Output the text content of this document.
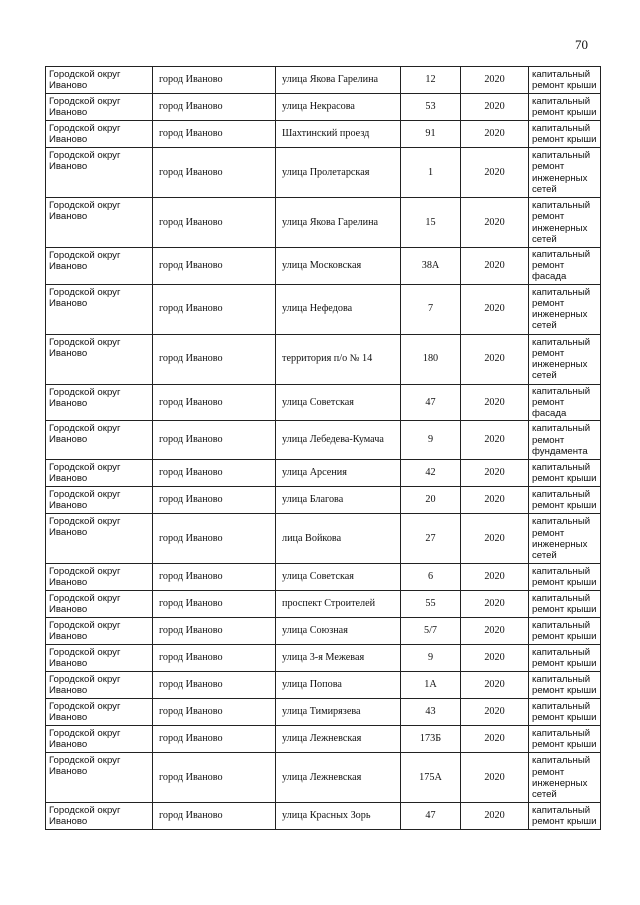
70
Городской округ Иваново	город Иваново	улица Якова Гарелина	12	2020	капитальный ремонт крыши
Городской округ Иваново	город Иваново	улица Некрасова	53	2020	капитальный ремонт крыши
Городской округ Иваново	город Иваново	Шахтинский проезд	91	2020	капитальный ремонт крыши
Городской округ Иваново	город Иваново	улица Пролетарская	1	2020	капитальный ремонт инженерных сетей
Городской округ Иваново	город Иваново	улица Якова Гарелина	15	2020	капитальный ремонт инженерных сетей
Городской округ Иваново	город Иваново	улица Московская	38А	2020	капитальный ремонт фасада
Городской округ Иваново	город Иваново	улица Нефедова	7	2020	капитальный ремонт инженерных сетей
Городской округ Иваново	город Иваново	территория п/о № 14	180	2020	капитальный ремонт инженерных сетей
Городской округ Иваново	город Иваново	улица Советская	47	2020	капитальный ремонт фасада
Городской округ Иваново	город Иваново	улица Лебедева-Кумача	9	2020	капитальный ремонт фундамента
Городской округ Иваново	город Иваново	улица Арсения	42	2020	капитальный ремонт крыши
Городской округ Иваново	город Иваново	улица Благова	20	2020	капитальный ремонт крыши
Городской округ Иваново	город Иваново	лица Войкова	27	2020	капитальный ремонт инженерных сетей
Городской округ Иваново	город Иваново	улица Советская	6	2020	капитальный ремонт крыши
Городской округ Иваново	город Иваново	проспект Строителей	55	2020	капитальный ремонт крыши
Городской округ Иваново	город Иваново	улица Союзная	5/7	2020	капитальный ремонт крыши
Городской округ Иваново	город Иваново	улица 3-я Межевая	9	2020	капитальный ремонт крыши
Городской округ Иваново	город Иваново	улица Попова	1А	2020	капитальный ремонт крыши
Городской округ Иваново	город Иваново	улица Тимирязева	43	2020	капитальный ремонт крыши
Городской округ Иваново	город Иваново	улица Лежневская	173Б	2020	капитальный ремонт крыши
Городской округ Иваново	город Иваново	улица Лежневская	175А	2020	капитальный ремонт инженерных сетей
Городской округ Иваново	город Иваново	улица Красных Зорь	47	2020	капитальный ремонт крыши
